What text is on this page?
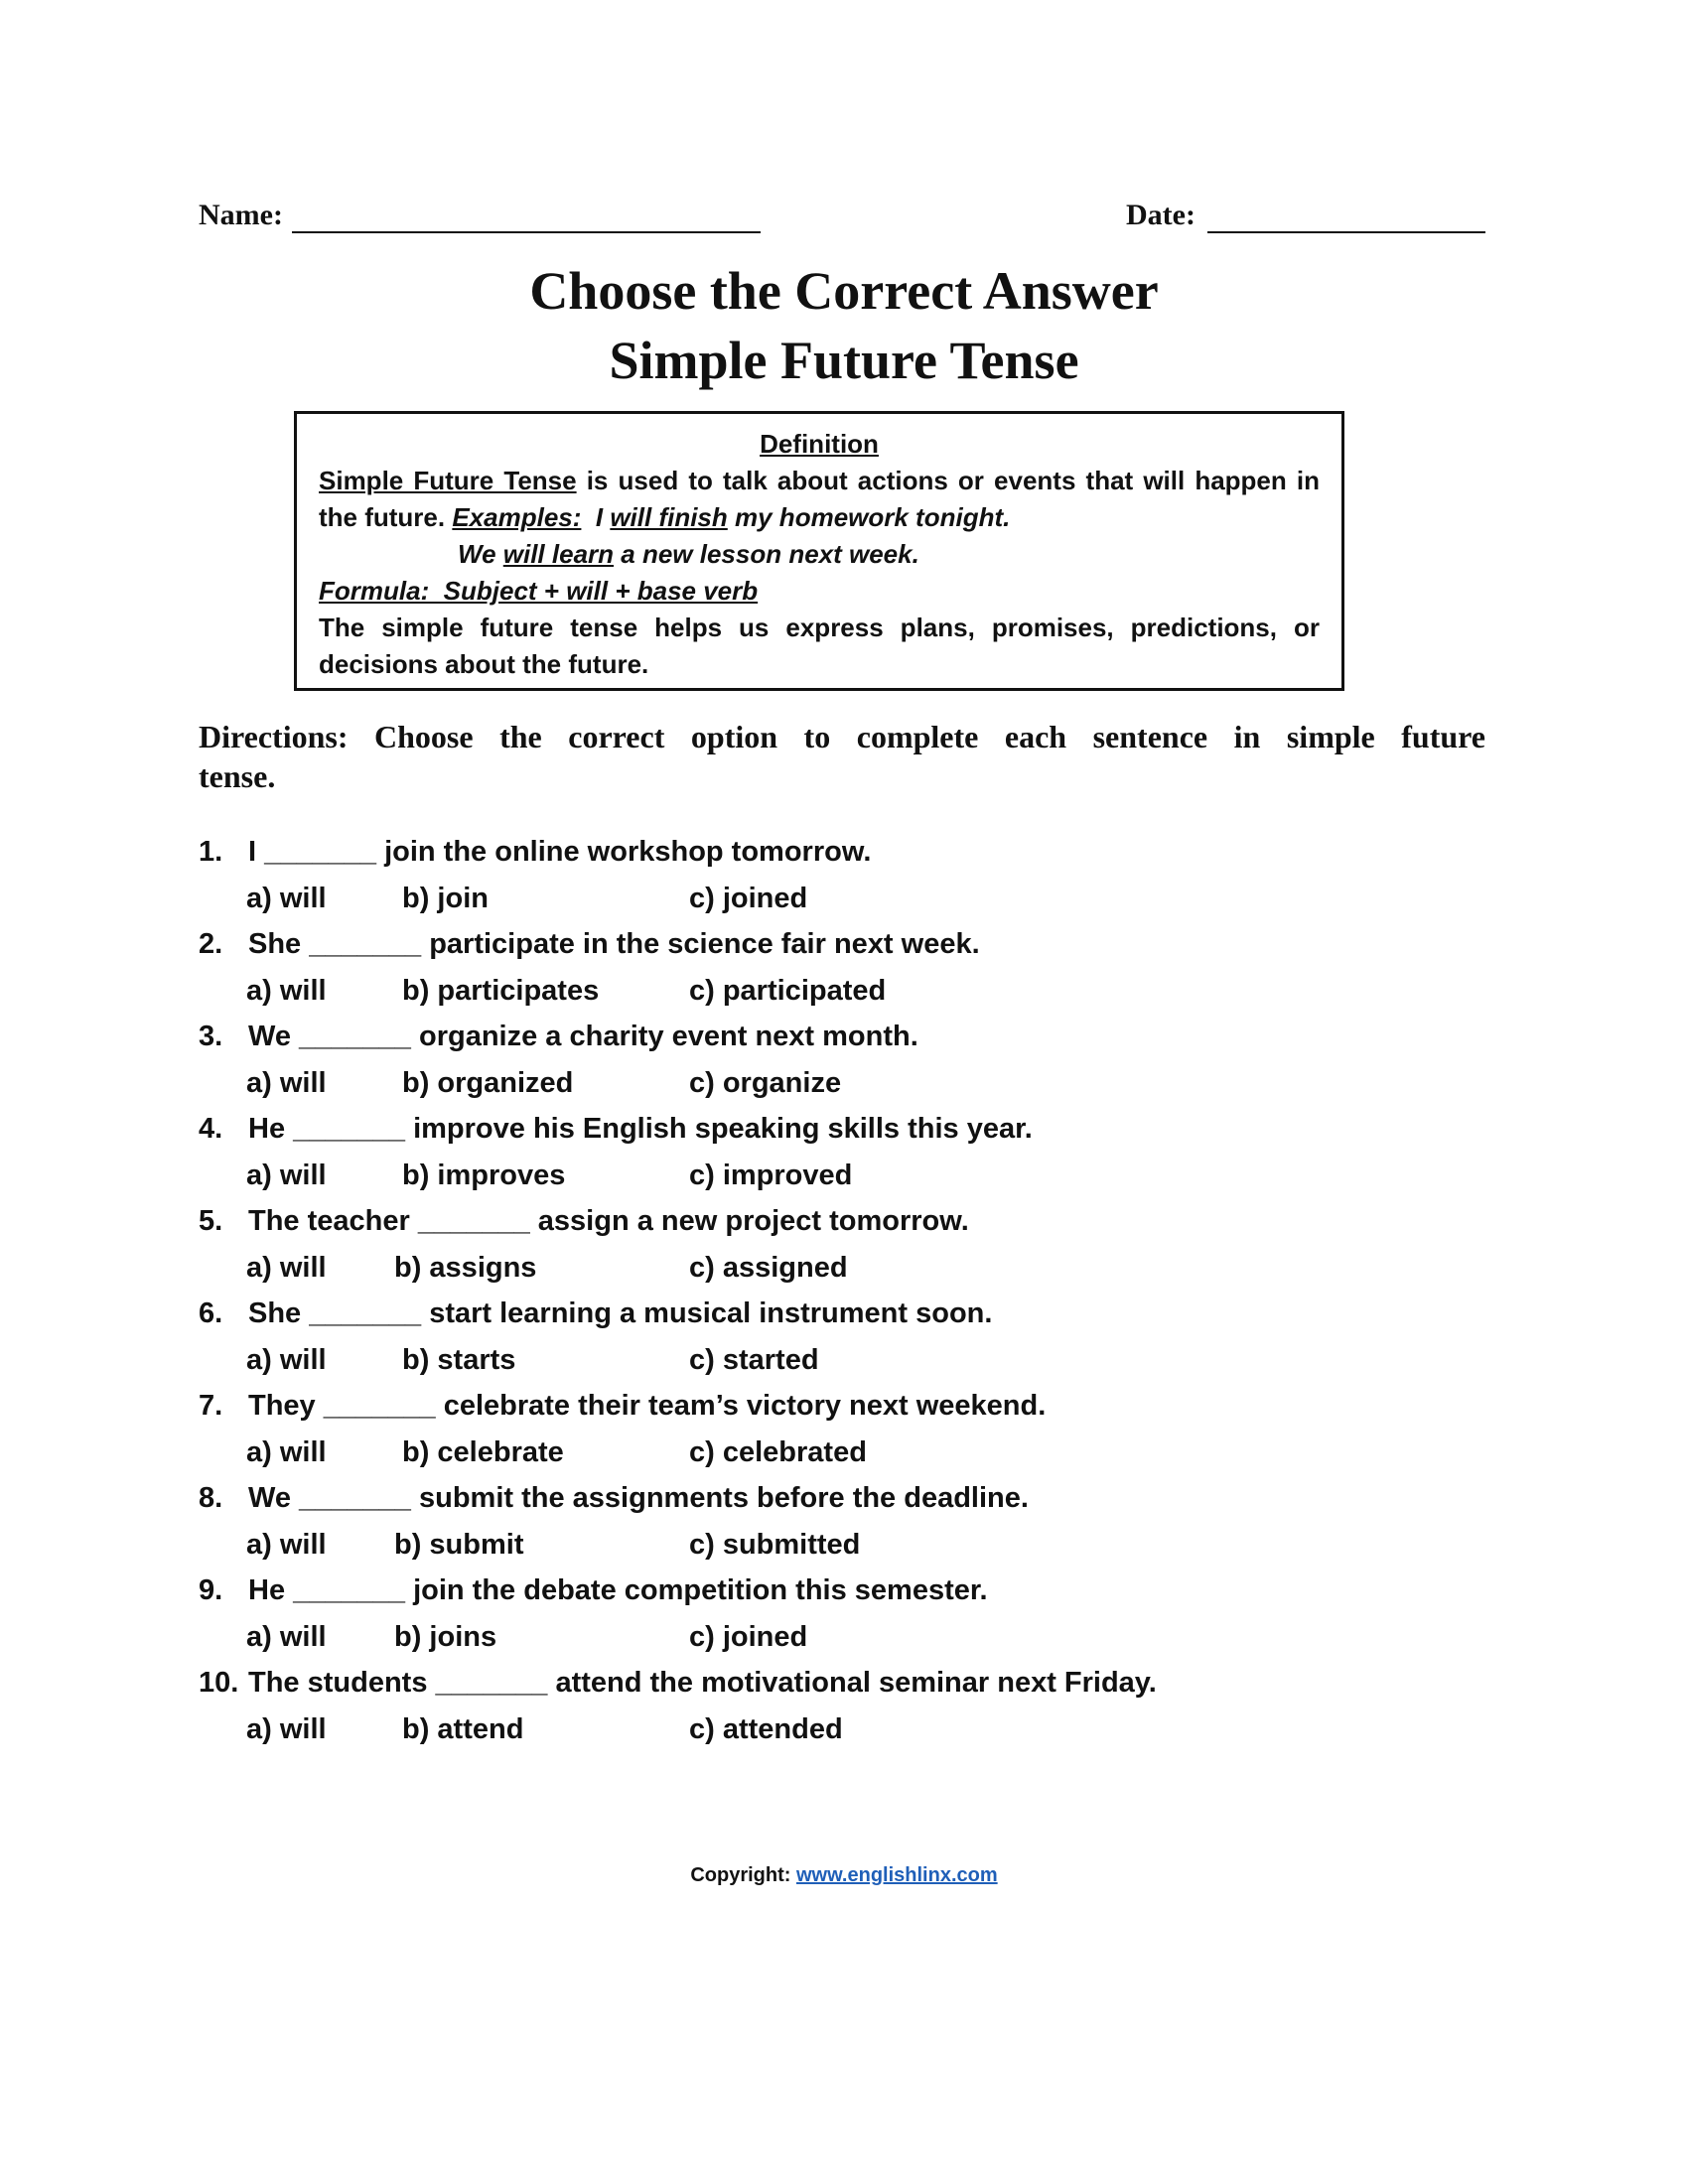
Name:	Date:
Choose the Correct Answer
Simple Future Tense
Definition
Simple Future Tense is used to talk about actions or events that will happen in
the future. Examples:  I will finish my homework tonight.
We will learn a new lesson next week.
Formula:  Subject + will + base verb
The simple future tense helps us express plans, promises, predictions, or
decisions about the future.
Directions: Choose the correct option to complete each sentence in simple future
tense.
1. I _______ join the online workshop tomorrow.
a) will	b) join	c) joined
2. She _______ participate in the science fair next week.
a) will	b) participates	c) participated
3. We _______ organize a charity event next month.
a) will	b) organized	c) organize
4. He _______ improve his English speaking skills this year.
a) will	b) improves	c) improved
5. The teacher _______ assign a new project tomorrow.
a) will b) assigns	c) assigned
6. She _______ start learning a musical instrument soon.
a) will	b) starts	c) started
7. They _______ celebrate their team’s victory next weekend.
a) will	b) celebrate	c) celebrated
8. We _______ submit the assignments before the deadline.
a) will b) submit	c) submitted
9. He _______ join the debate competition this semester.
a) will b) joins	c) joined
10. The students _______ attend the motivational seminar next Friday.
a) will	b) attend	c) attended
Copyright: www.englishlinx.com
